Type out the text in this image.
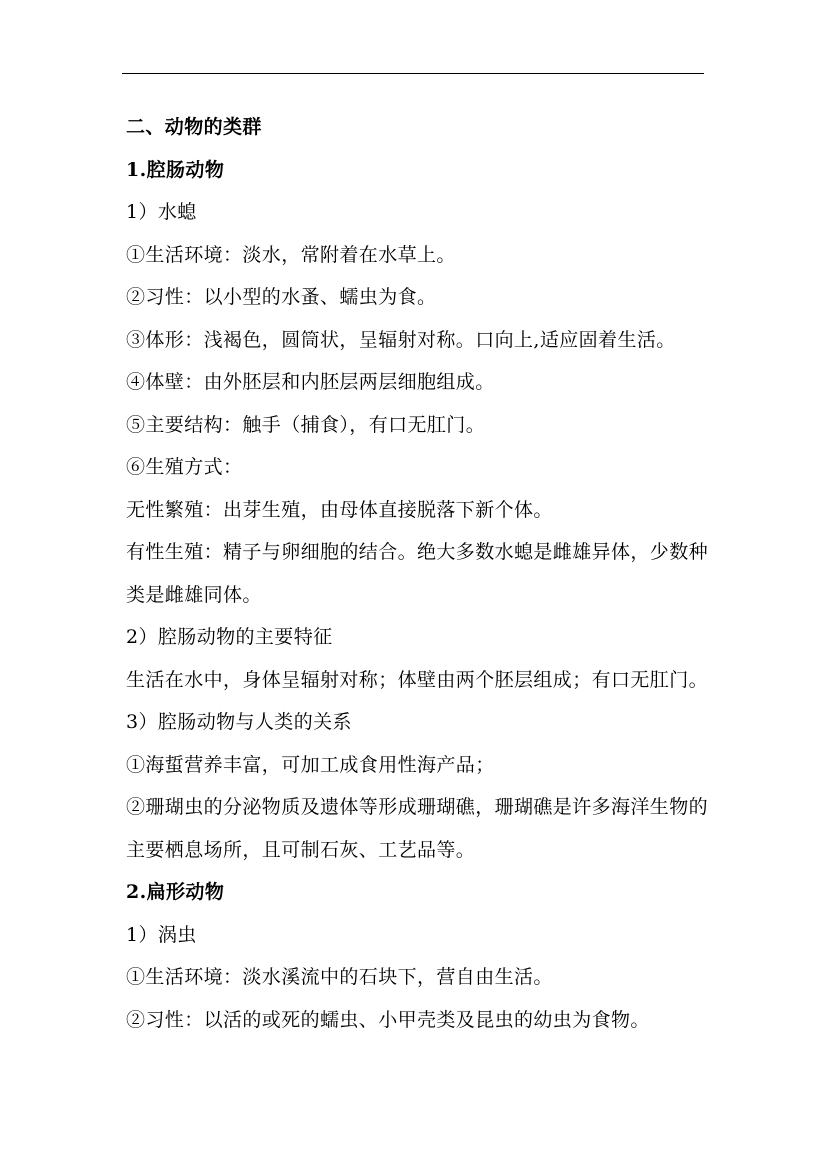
二、动物的类群
1.腔肠动物
1）水螅
①生活环境：淡水，常附着在水草上。
②习性：以小型的水蚤、蠕虫为食。
③体形：浅褐色，圆筒状，呈辐射对称。口向上,适应固着生活。
④体壁：由外胚层和内胚层两层细胞组成。
⑤主要结构：触手（捕食），有口无肛门。
⑥生殖方式：
无性繁殖：出芽生殖，由母体直接脱落下新个体。
有性生殖：精子与卵细胞的结合。绝大多数水螅是雌雄异体，少数种
类是雌雄同体。
2）腔肠动物的主要特征
生活在水中，身体呈辐射对称；体壁由两个胚层组成；有口无肛门。
3）腔肠动物与人类的关系
①海蜇营养丰富，可加工成食用性海产品；
②珊瑚虫的分泌物质及遗体等形成珊瑚礁，珊瑚礁是许多海洋生物的
主要栖息场所，且可制石灰、工艺品等。
2.扁形动物
1）涡虫
①生活环境：淡水溪流中的石块下，营自由生活。
②习性：以活的或死的蠕虫、小甲壳类及昆虫的幼虫为食物。
